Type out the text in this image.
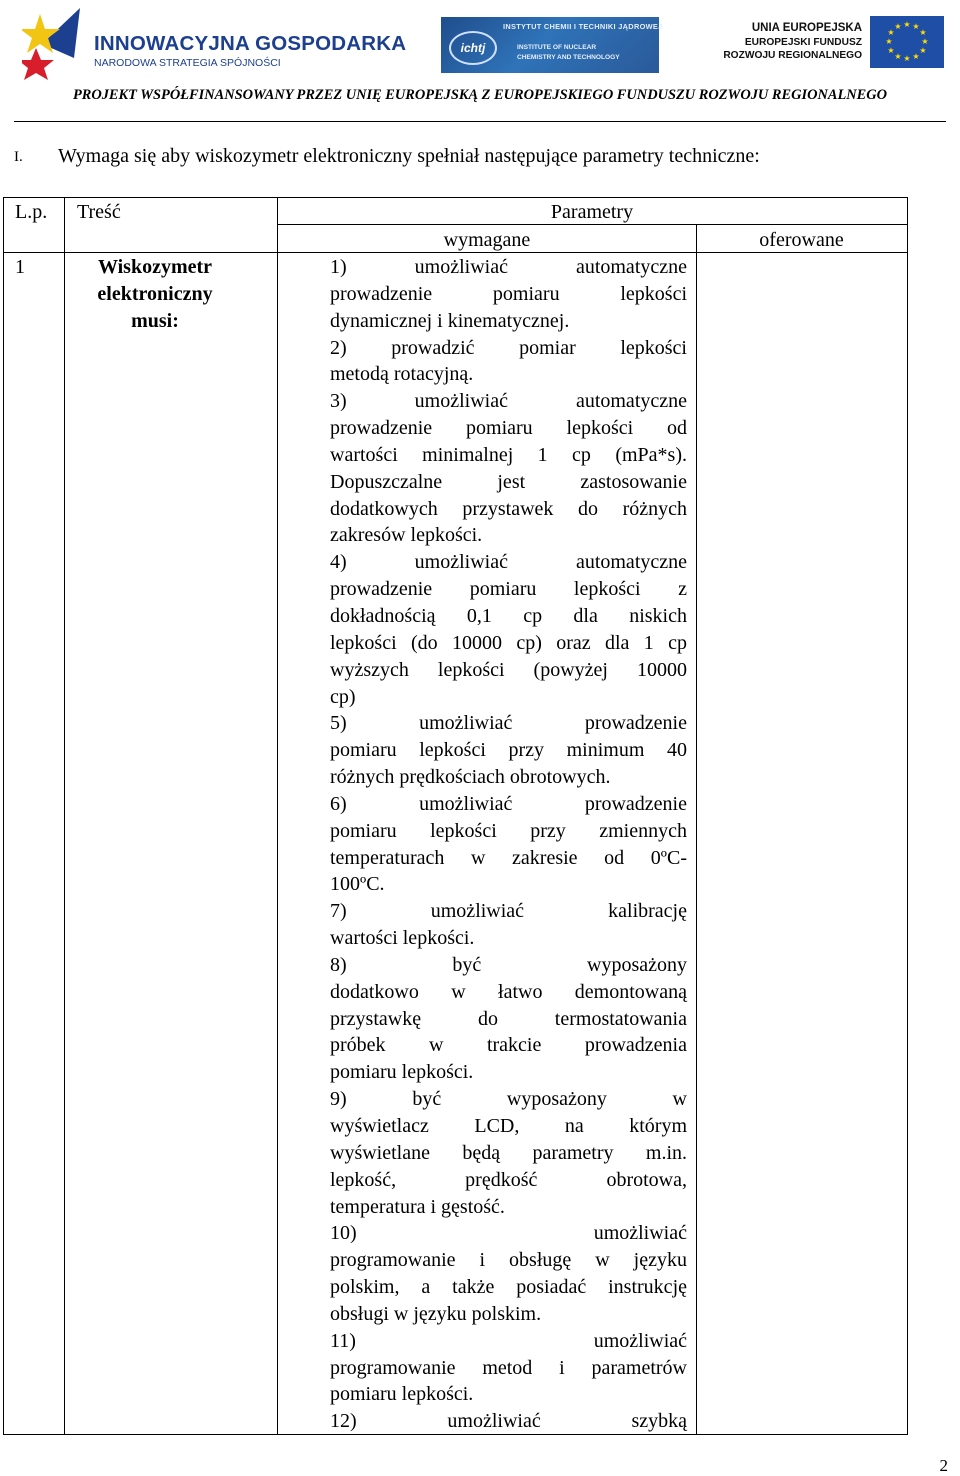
INNOWACYJNA GOSPODARKA
NARODOWA STRATEGIA SPÓJNOŚCI
INSTYTUT CHEMII I TECHNIKI JĄDROWEJ
ichtj	INSTITUTE OF NUCLEAR
CHEMISTRY AND TECHNOLOGY
UNIA EUROPEJSKA
EUROPEJSKI FUNDUSZ
ROZWOJU REGIONALNEGO
★ ★
★
★
★
★
★
★
★
★
★
★
PROJEKT WSPÓŁFINANSOWANY PRZEZ UNIĘ EUROPEJSKĄ Z EUROPEJSKIEGO FUNDUSZU ROZWOJU REGIONALNEGO
I. Wymaga się aby wiskozymetr elektroniczny spełniał następujące parametry techniczne:
L.p. Treść	Parametry
wymagane	oferowane
1	Wiskozymetr
elektroniczny
musi:
1) umożliwiać automatyczne
prowadzenie pomiaru lepkości
dynamicznej i kinematycznej.
2) prowadzić pomiar lepkości
metodą rotacyjną.
3) umożliwiać automatyczne
prowadzenie pomiaru lepkości od
wartości minimalnej 1 cp (mPa*s).
Dopuszczalne jest zastosowanie
dodatkowych przystawek do różnych
zakresów lepkości.
4) umożliwiać automatyczne
prowadzenie pomiaru lepkości z
dokładnością 0,1 cp dla niskich
lepkości (do 10000 cp) oraz dla 1 cp
wyższych lepkości (powyżej 10000
cp)
5) umożliwiać prowadzenie
pomiaru lepkości przy minimum 40
różnych prędkościach obrotowych.
6) umożliwiać prowadzenie
pomiaru lepkości przy zmiennych
temperaturach w zakresie od 0ºC-
100ºC.
7) umożliwiać kalibrację
wartości lepkości.
8) być wyposażony
dodatkowo w łatwo demontowaną
przystawkę do termostatowania
próbek w trakcie prowadzenia
pomiaru lepkości.
9) być wyposażony w
wyświetlacz LCD, na którym
wyświetlane będą parametry m.in.
lepkość, prędkość obrotowa,
temperatura i gęstość.
10) umożliwiać
programowanie i obsługę w języku
polskim, a także posiadać instrukcję
obsługi w języku polskim.
11) umożliwiać
programowanie metod i parametrów
pomiaru lepkości.
12) umożliwiać szybką
2
